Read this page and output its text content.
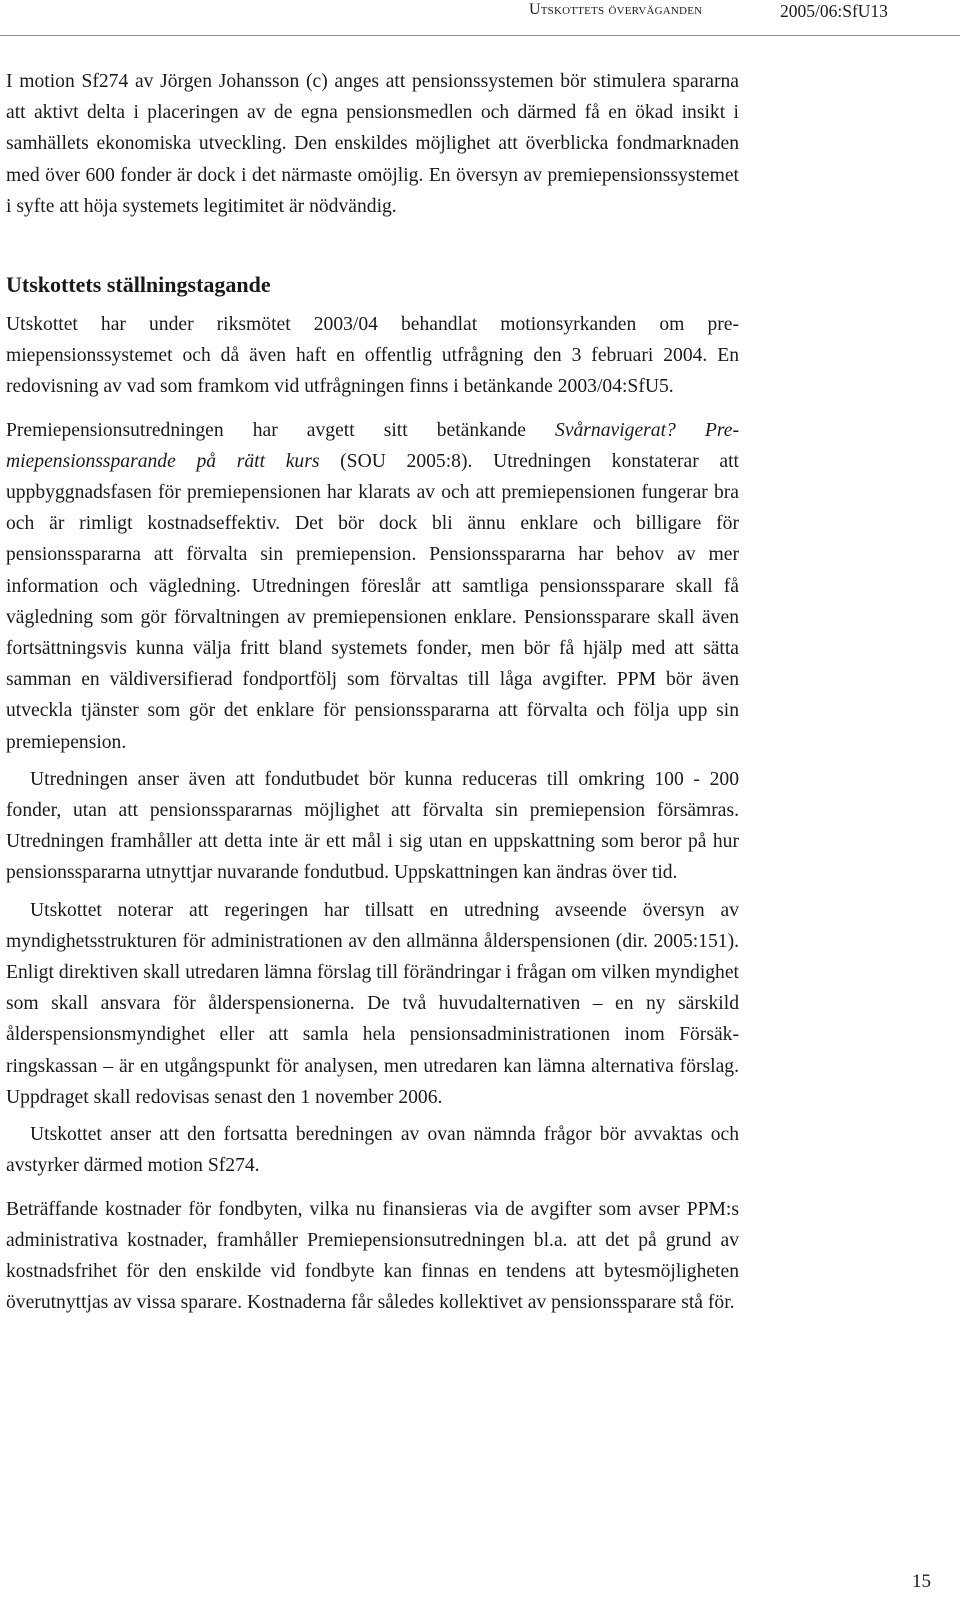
Utskottets överväganden	2005/06:SfU13

I motion Sf274 av Jörgen Johansson (c) anges att pensionssystemen bör stimulera spararna att aktivt delta i placeringen av de egna pensionsmedlen och därmed få en ökad insikt i samhällets ekonomiska utveckling. Den enskildes möjlighet att överblicka fondmarknaden med över 600 fonder är dock i det närmaste omöjlig. En översyn av premiepensionssystemet i syfte att höja systemets legitimitet är nödvändig.

Utskottets ställningstagande

Utskottet har under riksmötet 2003/04 behandlat motionsyrkanden om premiepensionssystemet och då även haft en offentlig utfrågning den 3 februari 2004. En redovisning av vad som framkom vid utfrågningen finns i betänkande 2003/04:SfU5.

Premiepensionsutredningen har avgett sitt betänkande Svårnavigerat? Premiepensionssparande på rätt kurs (SOU 2005:8). Utredningen konstaterar att uppbyggnadsfasen för premiepensionen har klarats av och att premiepensionen fungerar bra och är rimligt kostnadseffektiv. Det bör dock bli ännu enklare och billigare för pensionsspararna att förvalta sin premiepension. Pensionsspararna har behov av mer information och vägledning. Utredningen föreslår att samtliga pensionssparare skall få vägledning som gör förvaltningen av premiepensionen enklare. Pensionssparare skall även fortsättningsvis kunna välja fritt bland systemets fonder, men bör få hjälp med att sätta samman en väldiversifierad fondportfölj som förvaltas till låga avgifter. PPM bör även utveckla tjänster som gör det enklare för pensionsspararna att förvalta och följa upp sin premiepension.

Utredningen anser även att fondutbudet bör kunna reduceras till omkring 100 - 200 fonder, utan att pensionsspararnas möjlighet att förvalta sin premiepension försämras. Utredningen framhåller att detta inte är ett mål i sig utan en uppskattning som beror på hur pensionsspararna utnyttjar nuvarande fondutbud. Uppskattningen kan ändras över tid.

Utskottet noterar att regeringen har tillsatt en utredning avseende översyn av myndighetsstrukturen för administrationen av den allmänna ålderspensionen (dir. 2005:151). Enligt direktiven skall utredaren lämna förslag till förändringar i frågan om vilken myndighet som skall ansvara för ålderspensionerna. De två huvudalternativen – en ny särskild ålderspensionsmyndighet eller att samla hela pensionsadministrationen inom Försäkringskassan – är en utgångspunkt för analysen, men utredaren kan lämna alternativa förslag. Uppdraget skall redovisas senast den 1 november 2006.

Utskottet anser att den fortsatta beredningen av ovan nämnda frågor bör avvaktas och avstyrker därmed motion Sf274.

Beträffande kostnader för fondbyten, vilka nu finansieras via de avgifter som avser PPM:s administrativa kostnader, framhåller Premiepensionsutredningen bl.a. att det på grund av kostnadsfrihet för den enskilde vid fondbyte kan finnas en tendens att bytesmöjligheten överutnyttjas av vissa sparare. Kostnaderna får således kollektivet av pensionssparare stå för.

15
